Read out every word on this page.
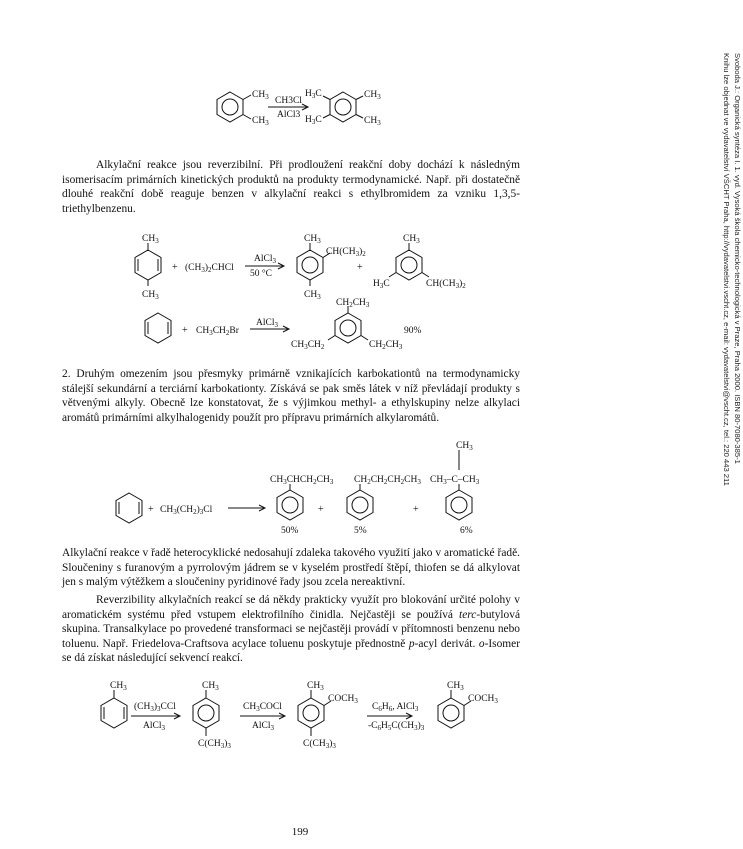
$CH_3$
$CH_3$
CH3Cl
AlCl3
$H_3C$
$H_3C$
$CH_3$
$CH_3$

Alkylační reakce jsou reverzibilní. Při prodloužení reakční doby dochází k následným isomerisacím primárních kinetických produktů na produkty termodynamické. Např. při dostatečně dlouhé reakční době reaguje benzen v alkylační reakci s ethylbromidem za vzniku 1,3,5-triethylbenzenu.

$CH_3$
$CH_3$
+ $(CH_3)_2CHCl$
AlCl$_3$
50 °C
$CH_3$
$CH(CH_3)_2$
$CH_3$
+
$CH_3$
$H_3C$	$CH(CH_3)_2$
+ $CH_3CH_2Br$
AlCl$_3$
$CH_2CH_3$
$CH_3CH_2$	$CH_2CH_3$
90%

2. Druhým omezením jsou přesmyky primárně vznikajících karbokationtů na termodynamicky stálejší sekundární a terciární karbokationty. Získává se pak směs látek v níž převládají produkty s větvenými alkyly. Obecně lze konstatovat, že s výjimkou methyl- a ethylskupiny nelze alkylaci aromátů primárními alkylhalogenidy použít pro přípravu primárních alkylaromátů.

+ $CH_3(CH_2)_3Cl$
$CH_3CHCH_2CH_3$
+
$CH_2CH_2CH_2CH_3$
+
$CH_3$
$CH_3-C-CH_3$
50%	5%	6%

Alkylační reakce v řadě heterocyklické nedosahují zdaleka takového využití jako v aromatické řadě. Sloučeniny s furanovým a pyrrolovým jádrem se v kyselém prostředí štěpí, thiofen se dá alkylovat jen s malým výtěžkem a sloučeniny pyridinové řady jsou zcela nereaktivní.

Reverzibility alkylačních reakcí se dá někdy prakticky využít pro blokování určité polohy v aromatickém systému před vstupem elektrofilního činidla. Nejčastěji se používá terc-butylová skupina. Transalkylace po provedené transformaci se nejčastěji provádí v přítomnosti benzenu nebo toluenu. Např. Friedelova-Craftsova acylace toluenu poskytuje přednostně p-acyl derivát. o-Isomer se dá získat následující sekvencí reakcí.

$CH_3$
$(CH_3)_3CCl$
AlCl$_3$
$CH_3$
$C(CH_3)_3$
$CH_3COCl$
AlCl$_3$
$CH_3$
$COCH_3$
$C(CH_3)_3$
$C_6H_6$, AlCl$_3$
$-C_6H_5C(CH_3)_3$
$CH_3$
$COCH_3$
199
Svoboda J.: Organická syntéza I. 1. vyd. Vysoká škola chemicko-technologická v Praze, Praha 2000. ISBN 80-7080-385-1
Knihu lze objednat ve vydavatelství VŠCHT Praha, http://vydavatelstvi.vscht.cz, e-mail: vydavatelstvi@vscht.cz, tel.: 220 443 211
